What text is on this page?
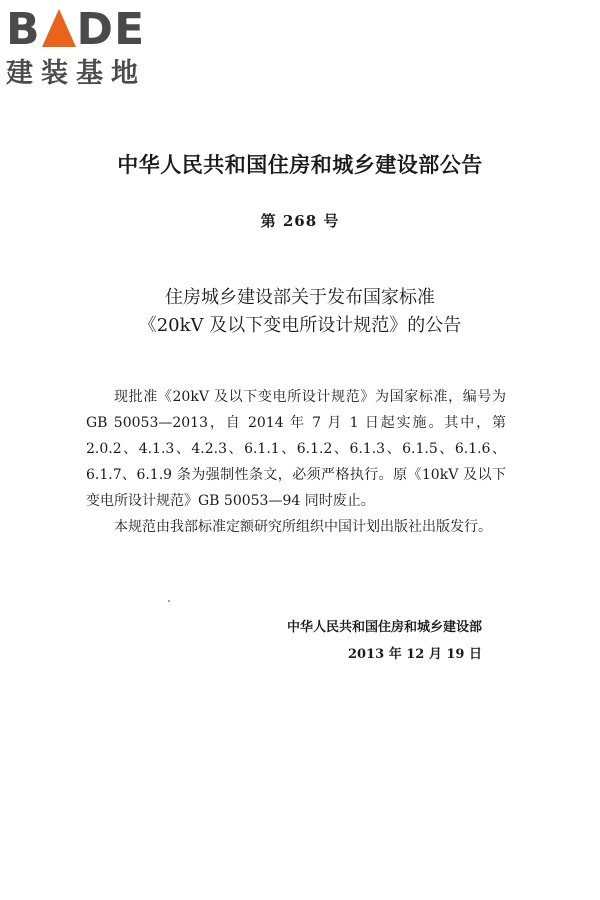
B DE
建装基地
中华人民共和国住房和城乡建设部公告
第 268 号
住房城乡建设部关于发布国家标准
《20kV 及以下变电所设计规范》的公告

现批准《20kV 及以下变电所设计规范》为国家标准，编号为GB 50053—2013，自 2014 年 7 月 1 日起实施。其中，第 2.0.2、4.1.3、4.2.3、6.1.1、6.1.2、6.1.3、6.1.5、6.1.6、6.1.7、6.1.9 条为强制性条文，必须严格执行。原《10kV 及以下变电所设计规范》GB 50053—94 同时废止。

本规范由我部标准定额研究所组织中国计划出版社出版发行。

中华人民共和国住房和城乡建设部
2013 年 12 月 19 日
